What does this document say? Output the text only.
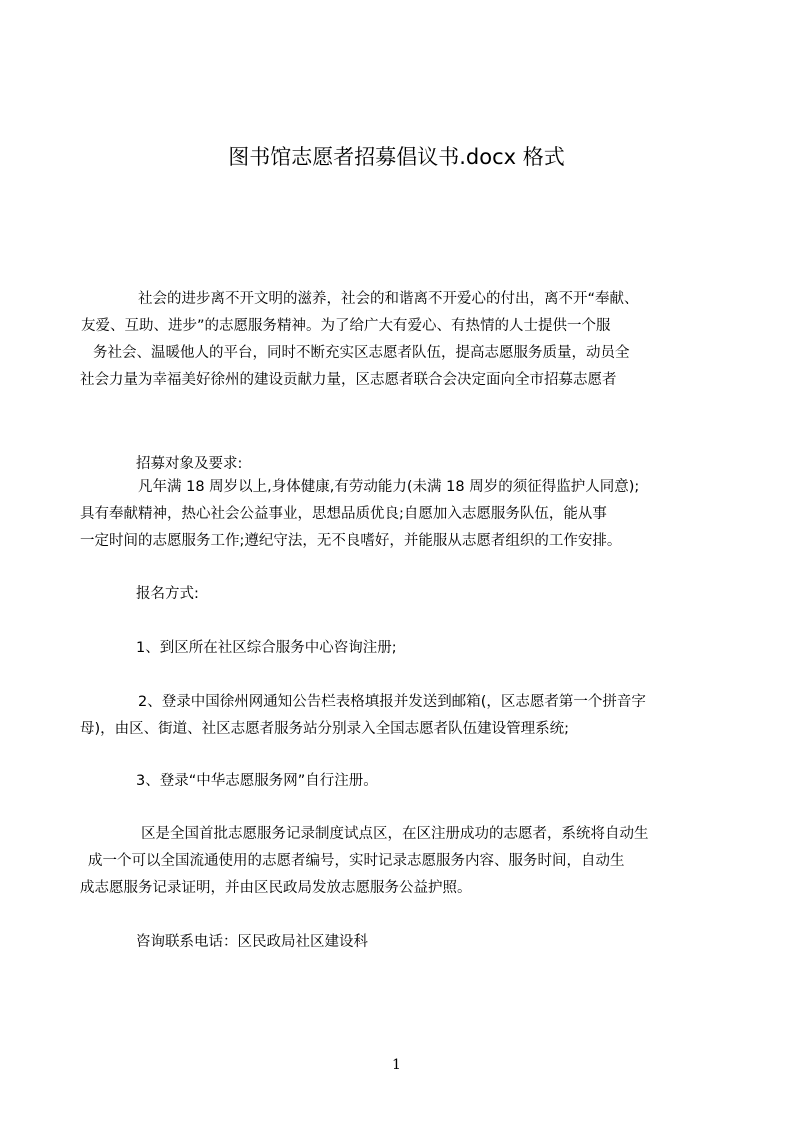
图书馆志愿者招募倡议书.docx 格式
社会的进步离不开文明的滋养，社会的和谐离不开爱心的付出，离不开“奉献、
友爱、互助、进步”的志愿服务精神。为了给广大有爱心、有热情的人士提供一个服
务社会、温暖他人的平台，同时不断充实区志愿者队伍，提高志愿服务质量，动员全
社会力量为幸福美好徐州的建设贡献力量，区志愿者联合会决定面向全市招募志愿者
招募对象及要求:
凡年满 18 周岁以上,身体健康,有劳动能力(未满 18 周岁的须征得监护人同意);
具有奉献精神，热心社会公益事业，思想品质优良;自愿加入志愿服务队伍，能从事
一定时间的志愿服务工作;遵纪守法，无不良嗜好，并能服从志愿者组织的工作安排。
报名方式:
1、到区所在社区综合服务中心咨询注册;
2、登录中国徐州网通知公告栏表格填报并发送到邮箱(，区志愿者第一个拼音字
母)，由区、街道、社区志愿者服务站分别录入全国志愿者队伍建设管理系统;
3、登录“中华志愿服务网”自行注册。
区是全国首批志愿服务记录制度试点区，在区注册成功的志愿者，系统将自动生
成一个可以全国流通使用的志愿者编号，实时记录志愿服务内容、服务时间，自动生
成志愿服务记录证明，并由区民政局发放志愿服务公益护照。
咨询联系电话：区民政局社区建设科
1
